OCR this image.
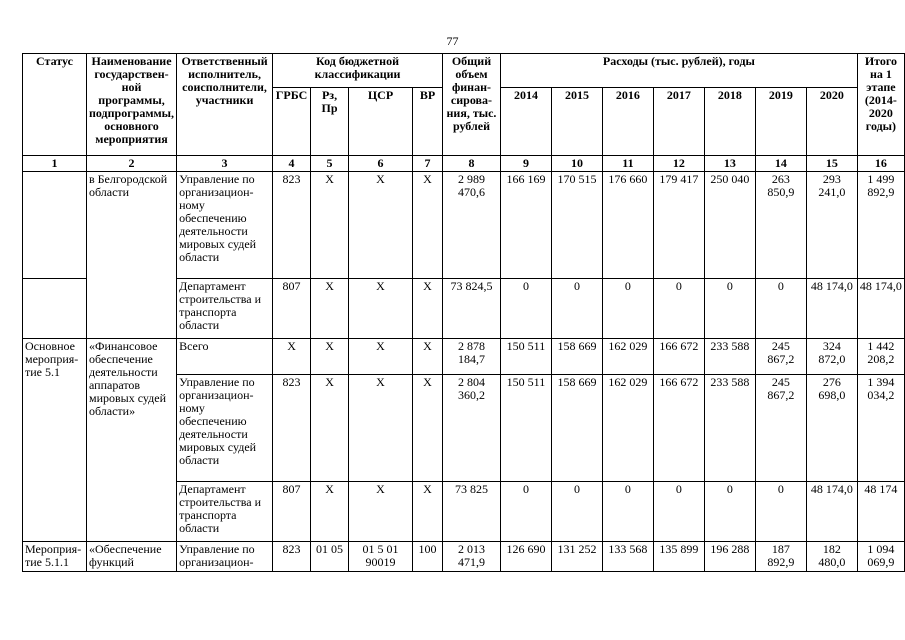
77
Статус	Наименование государствен-ной программы, подпрограммы, основного мероприятия	Ответственный исполнитель, соисполнители, участники	Код бюджетной классификации				Общий объем финан-сирова-ния, тыс. рублей	Расходы (тыс. рублей), годы							Итого на 1 этапе (2014-2020 годы)
			ГРБС	Рз, Пр	ЦСР	ВР		2014	2015	2016	2017	2018	2019	2020	
1	2	3	4	5	6	7	8	9	10	11	12	13	14	15	16
	в Белгородской области	Управление по организацион-ному обеспечению деятельности мировых судей области	823	Х	Х	Х	2 989 470,6	166 169	170 515	176 660	179 417	250 040	263 850,9	293 241,0	1 499 892,9
		Департамент строительства и транспорта области	807	Х	Х	Х	73 824,5	0	0	0	0	0	0	48 174,0	48 174,0
Основное мероприя-тие 5.1	«Финансовое обеспечение деятельности аппаратов мировых судей области»	Всего	Х	Х	Х	Х	2 878 184,7	150 511	158 669	162 029	166 672	233 588	245 867,2	324 872,0	1 442 208,2
		Управление по организацион-ному обеспечению деятельности мировых судей области	823	Х	Х	Х	2 804 360,2	150 511	158 669	162 029	166 672	233 588	245 867,2	276 698,0	1 394 034,2
		Департамент строительства и транспорта области	807	Х	Х	Х	73 825	0	0	0	0	0	0	48 174,0	48 174
Мероприя-тие 5.1.1	«Обеспечение функций	Управление по организацион-	823	01 05	01 5 01 90019	100	2 013 471,9	126 690	131 252	133 568	135 899	196 288	187 892,9	182 480,0	1 094 069,9
